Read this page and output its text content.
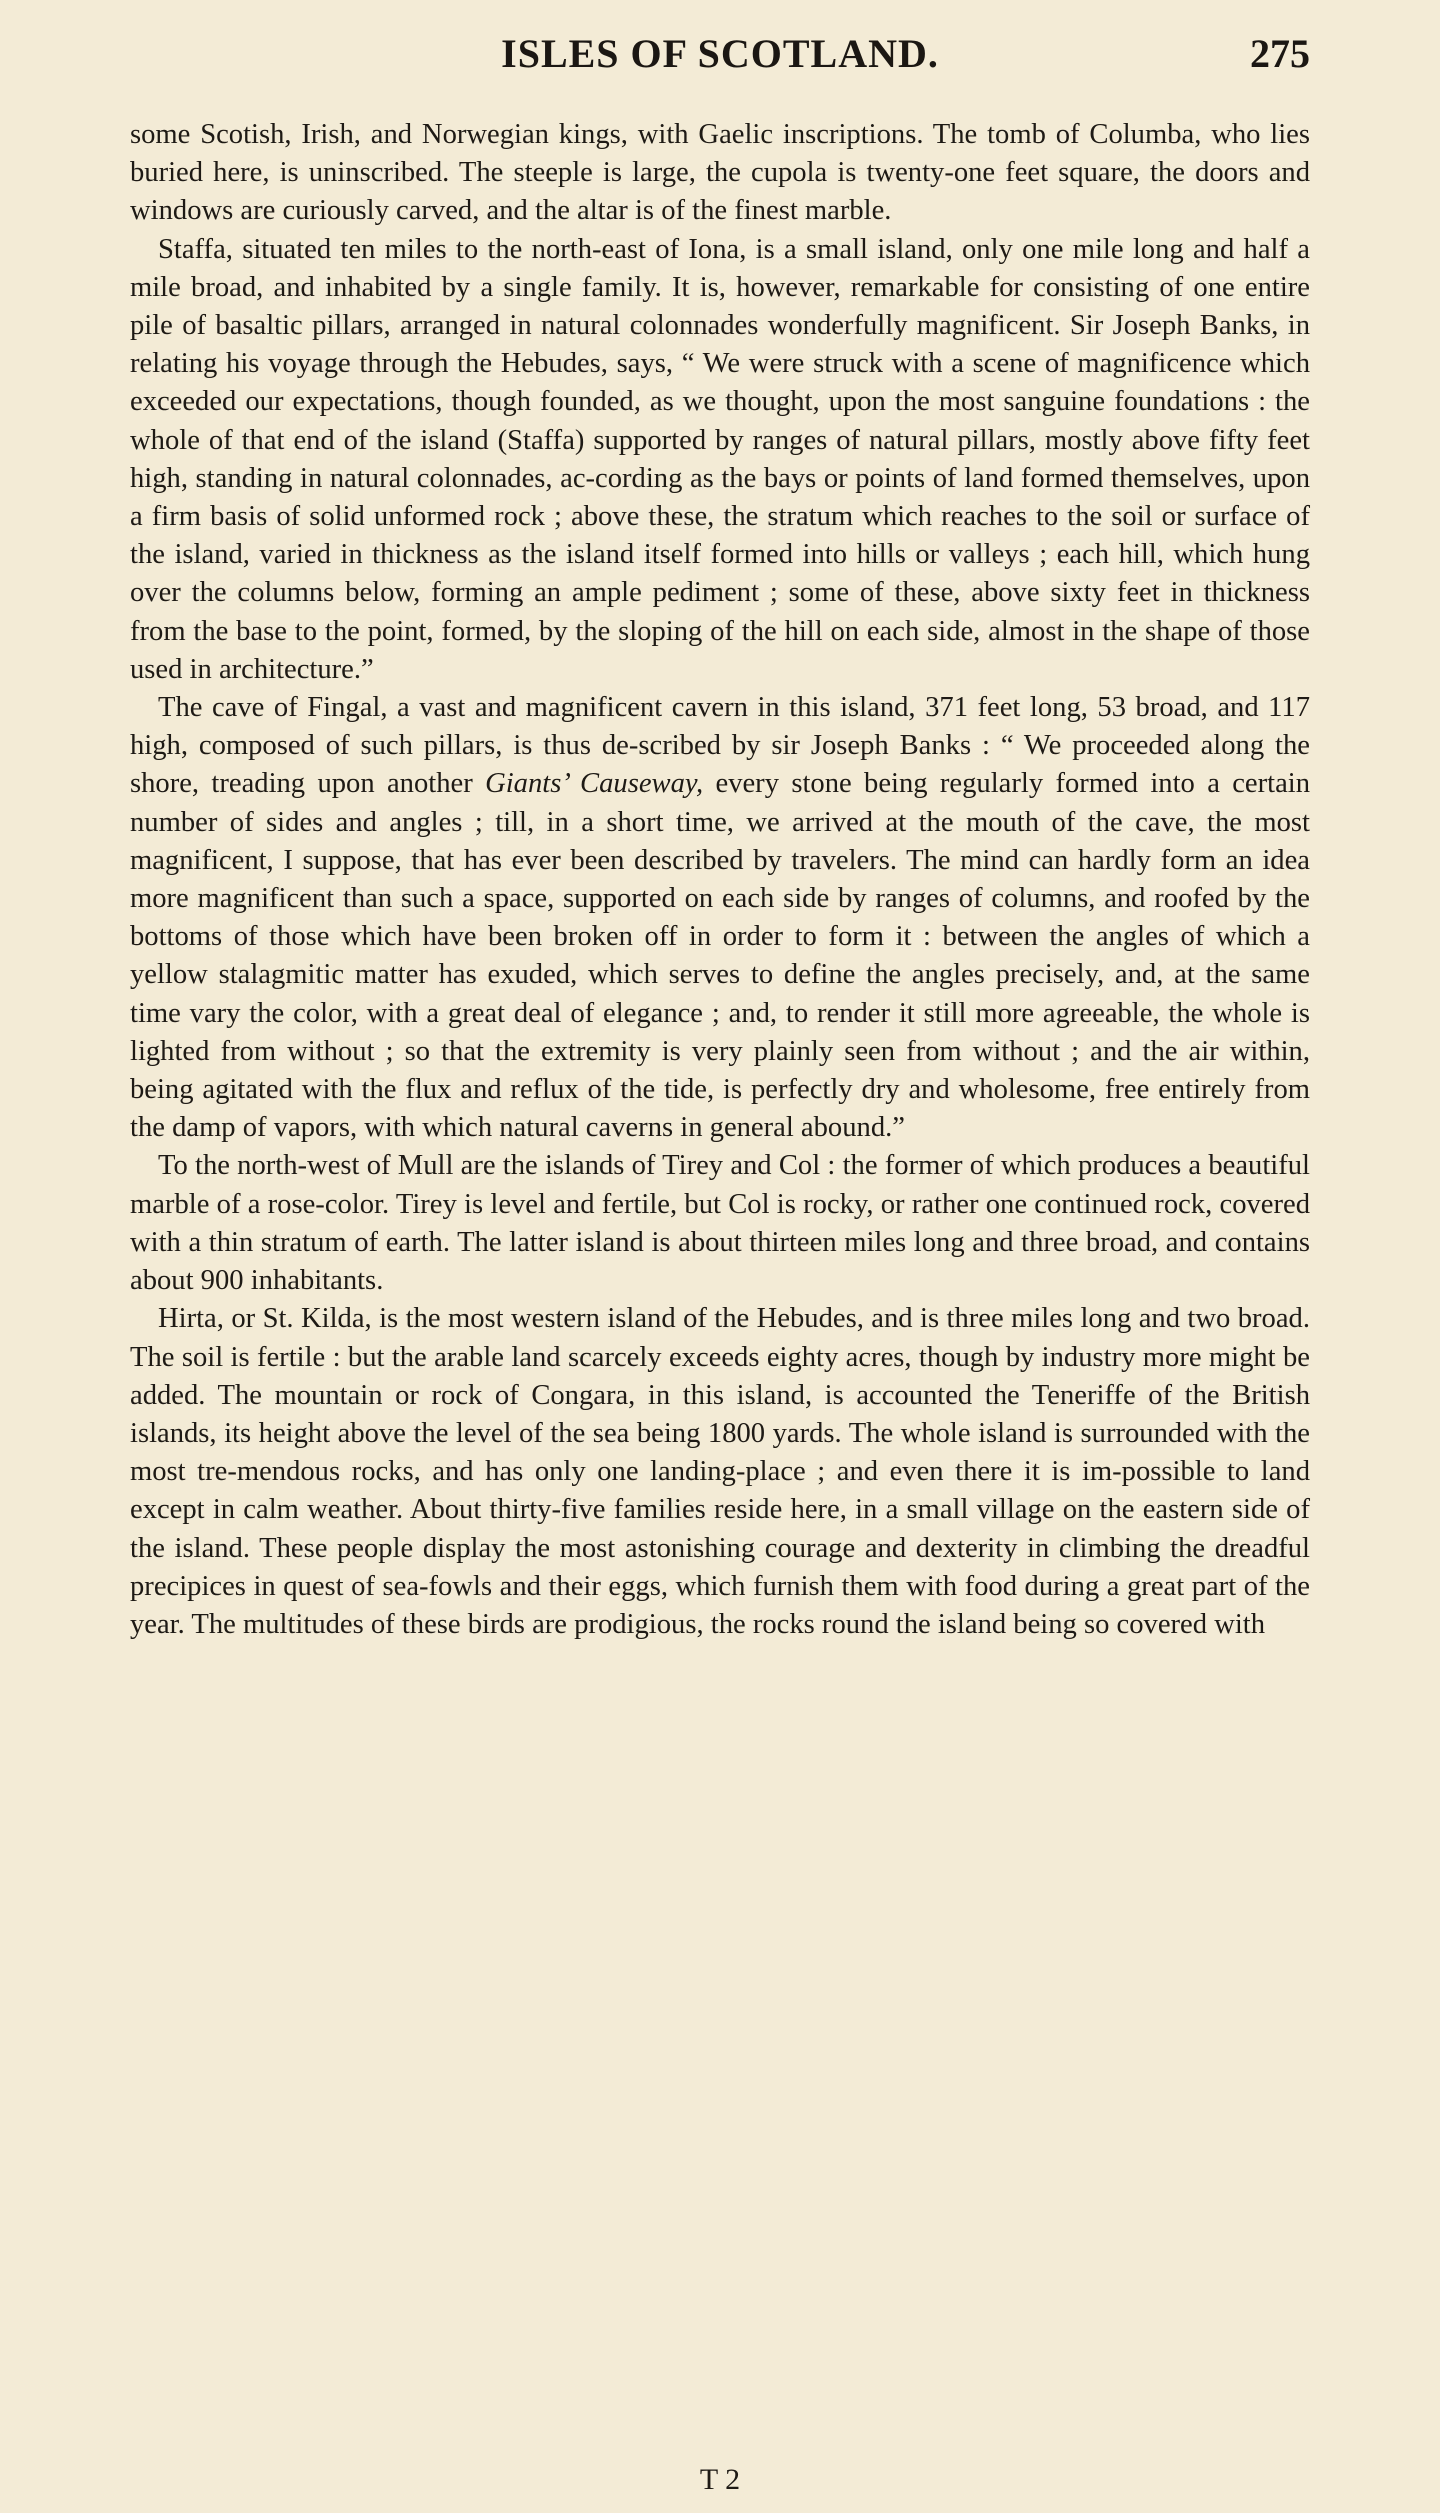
ISLES OF SCOTLAND.	275

some Scotish, Irish, and Norwegian kings, with Gaelic inscriptions. The tomb of Columba, who lies buried here, is uninscribed. The steeple is large, the cupola is twenty-one feet square, the doors and windows are curiously carved, and the altar is of the finest marble.

Staffa, situated ten miles to the north-east of Iona, is a small island, only one mile long and half a mile broad, and inhabited by a single family. It is, however, remarkable for consisting of one entire pile of basaltic pillars, arranged in natural colonnades wonderfully magnificent. Sir Joseph Banks, in relating his voyage through the Hebudes, says, “ We were struck with a scene of magnificence which exceeded our expectations, though founded, as we thought, upon the most sanguine foundations : the whole of that end of the island (Staffa) supported by ranges of natural pillars, mostly above fifty feet high, standing in natural colonnades, ac-cording as the bays or points of land formed themselves, upon a firm basis of solid unformed rock ; above these, the stratum which reaches to the soil or surface of the island, varied in thickness as the island itself formed into hills or valleys ; each hill, which hung over the columns below, forming an ample pediment ; some of these, above sixty feet in thickness from the base to the point, formed, by the sloping of the hill on each side, almost in the shape of those used in architecture.”

The cave of Fingal, a vast and magnificent cavern in this island, 371 feet long, 53 broad, and 117 high, composed of such pillars, is thus de-scribed by sir Joseph Banks : “ We proceeded along the shore, treading upon another Giants’ Causeway, every stone being regularly formed into a certain number of sides and angles ; till, in a short time, we arrived at the mouth of the cave, the most magnificent, I suppose, that has ever been described by travelers. The mind can hardly form an idea more magnificent than such a space, supported on each side by ranges of columns, and roofed by the bottoms of those which have been broken off in order to form it : between the angles of which a yellow stalagmitic matter has exuded, which serves to define the angles precisely, and, at the same time vary the color, with a great deal of elegance ; and, to render it still more agreeable, the whole is lighted from without ; so that the extremity is very plainly seen from without ; and the air within, being agitated with the flux and reflux of the tide, is perfectly dry and wholesome, free entirely from the damp of vapors, with which natural caverns in general abound.”

To the north-west of Mull are the islands of Tirey and Col : the former of which produces a beautiful marble of a rose-color. Tirey is level and fertile, but Col is rocky, or rather one continued rock, covered with a thin stratum of earth. The latter island is about thirteen miles long and three broad, and contains about 900 inhabitants.

Hirta, or St. Kilda, is the most western island of the Hebudes, and is three miles long and two broad. The soil is fertile : but the arable land scarcely exceeds eighty acres, though by industry more might be added. The mountain or rock of Congara, in this island, is accounted the Teneriffe of the British islands, its height above the level of the sea being 1800 yards. The whole island is surrounded with the most tre-mendous rocks, and has only one landing-place ; and even there it is im-possible to land except in calm weather. About thirty-five families reside here, in a small village on the eastern side of the island. These people display the most astonishing courage and dexterity in climbing the dreadful precipices in quest of sea-fowls and their eggs, which furnish them with food during a great part of the year. The multitudes of these birds are prodigious, the rocks round the island being so covered with

T 2
